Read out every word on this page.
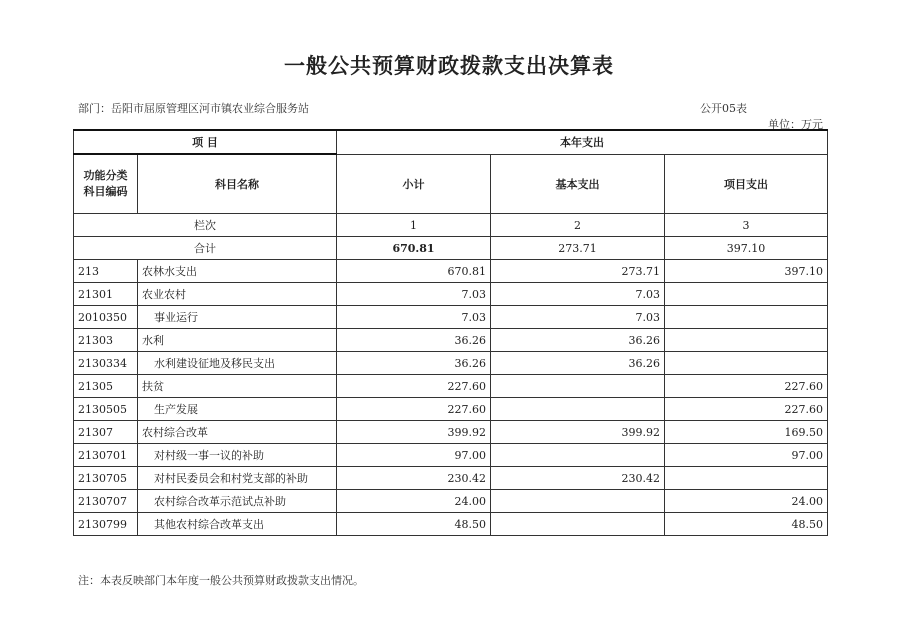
一般公共预算财政拨款支出决算表
部门：岳阳市屈原管理区河市镇农业综合服务站	公开05表
单位：万元
项 目		本年支出		
功能分类
科目编码	科目名称	小计	基本支出	项目支出
栏次		1	2	3
合计		670.81	273.71	397.10
213	农林水支出	670.81	273.71	397.10
21301	农业农村	7.03	7.03	
2010350	事业运行	7.03	7.03	
21303	水利	36.26	36.26	
2130334	水利建设征地及移民支出	36.26	36.26	
21305	扶贫	227.60		227.60
2130505	生产发展	227.60		227.60
21307	农村综合改革	399.92	399.92	169.50
2130701	对村级一事一议的补助	97.00		97.00
2130705	对村民委员会和村党支部的补助	230.42	230.42	
2130707	农村综合改革示范试点补助	24.00		24.00
2130799	其他农村综合改革支出	48.50		48.50
注：本表反映部门本年度一般公共预算财政拨款支出情况。
